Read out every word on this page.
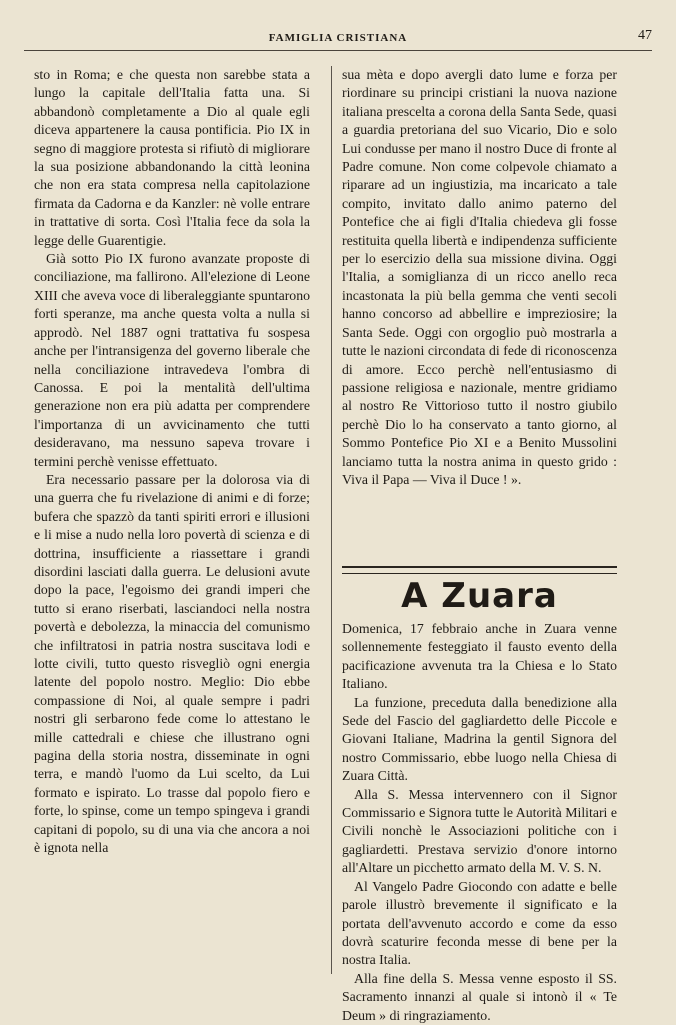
FAMIGLIA CRISTIANA	47

sto in Roma; e che questa non sarebbe stata a lungo la capitale dell'Italia fatta una. Si abbandonò completamente a Dio al quale egli diceva appartenere la causa pontificia. Pio IX in segno di maggiore protesta si rifiutò di migliorare la sua posizione abbandonando la città leonina che non era stata compresa nella capitolazione firmata da Cadorna e da Kanzler: nè volle entrare in trattative di sorta. Così l'Italia fece da sola la legge delle Guarentigie.

Già sotto Pio IX furono avanzate proposte di conciliazione, ma fallirono. All'elezione di Leone XIII che aveva voce di liberaleggiante spuntarono forti speranze, ma anche questa volta a nulla si approdò. Nel 1887 ogni trattativa fu sospesa anche per l'intransigenza del governo liberale che nella conciliazione intravedeva l'ombra di Canossa. E poi la mentalità dell'ultima generazione non era più adatta per comprendere l'importanza di un avvicinamento che tutti desideravano, ma nessuno sapeva trovare i termini perchè venisse effettuato.

Era necessario passare per la dolorosa via di una guerra che fu rivelazione di animi e di forze; bufera che spazzò da tanti spiriti errori e illusioni e li mise a nudo nella loro povertà di scienza e di dottrina, insufficiente a riassettare i grandi disordini lasciati dalla guerra. Le delusioni avute dopo la pace, l'egoismo dei grandi imperi che tutto si erano riserbati, lasciandoci nella nostra povertà e debolezza, la minaccia del comunismo che infiltratosi in patria nostra suscitava lodi e lotte civili, tutto questo risvegliò ogni energia latente del popolo nostro. Meglio: Dio ebbe compassione di Noi, al quale sempre i padri nostri gli serbarono fede come lo attestano le mille cattedrali e chiese che illustrano ogni pagina della storia nostra, disseminate in ogni terra, e mandò l'uomo da Lui scelto, da Lui formato e ispirato. Lo trasse dal popolo fiero e forte, lo spinse, come un tempo spingeva i grandi capitani di popolo, su di una via che ancora a noi è ignota nella

sua mèta e dopo avergli dato lume e forza per riordinare su principi cristiani la nuova nazione italiana prescelta a corona della Santa Sede, quasi a guardia pretoriana del suo Vicario, Dio e solo Lui condusse per mano il nostro Duce di fronte al Padre comune. Non come colpevole chiamato a riparare ad un ingiustizia, ma incaricato a tale compito, invitato dallo animo paterno del Pontefice che ai figli d'Italia chiedeva gli fosse restituita quella libertà e indipendenza sufficiente per lo esercizio della sua missione divina. Oggi l'Italia, a somiglianza di un ricco anello reca incastonata la più bella gemma che venti secoli hanno concorso ad abbellire e impreziosire; la Santa Sede. Oggi con orgoglio può mostrarla a tutte le nazioni circondata di fede di riconoscenza di amore. Ecco perchè nell'entusiasmo di passione religiosa e nazionale, mentre gridiamo al nostro Re Vittorioso tutto il nostro giubilo perchè Dio lo ha conservato a tanto giorno, al Sommo Pontefice Pio XI e a Benito Mussolini lanciamo tutta la nostra anima in questo grido : Viva il Papa — Viva il Duce ! ».

A Zuara

Domenica, 17 febbraio anche in Zuara venne sollennemente festeggiato il fausto evento della pacificazione avvenuta tra la Chiesa e lo Stato Italiano.

La funzione, preceduta dalla benedizione alla Sede del Fascio del gagliardetto delle Piccole e Giovani Italiane, Madrina la gentil Signora del nostro Commissario, ebbe luogo nella Chiesa di Zuara Città.

Alla S. Messa intervennero con il Signor Commissario e Signora tutte le Autorità Militari e Civili nonchè le Associazioni politiche con i gagliardetti. Prestava servizio d'onore intorno all'Altare un picchetto armato della M. V. S. N.

Al Vangelo Padre Giocondo con adatte e belle parole illustrò brevemente il significato e la portata dell'avvenuto accordo e come da esso dovrà scaturire feconda messe di bene per la nostra Italia.

Alla fine della S. Messa venne esposto il SS. Sacramento innanzi al quale si intonò il « Te Deum » di ringraziamento.
